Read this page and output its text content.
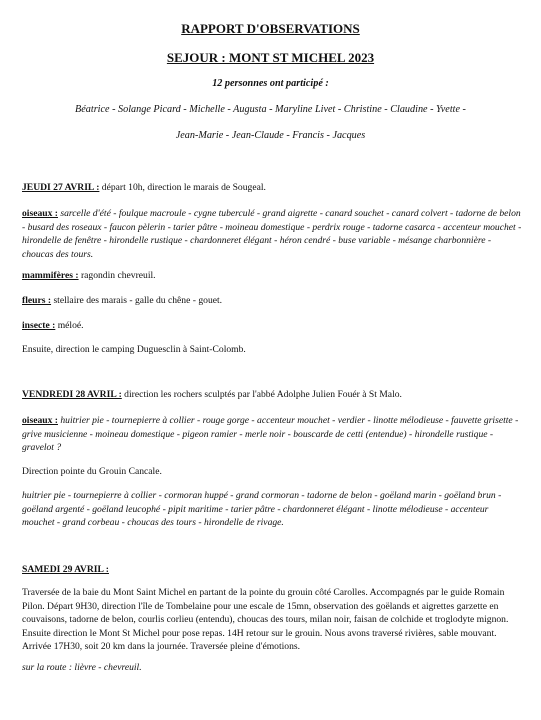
RAPPORT D'OBSERVATIONS
SEJOUR : MONT ST MICHEL 2023
12 personnes ont participé :
Béatrice - Solange Picard - Michelle - Augusta - Maryline Livet - Christine - Claudine - Yvette -
Jean-Marie - Jean-Claude - Francis - Jacques
JEUDI 27 AVRIL : départ 10h, direction le marais de Sougeal.
oiseaux : sarcelle d'été - foulque macroule - cygne tuberculé - grand aigrette - canard souchet - canard colvert - tadorne de belon - busard des roseaux - faucon pèlerin - tarier pâtre - moineau domestique - perdrix rouge - tadorne casarca - accenteur mouchet - hirondelle de fenêtre - hirondelle rustique - chardonneret élégant - héron cendré - buse variable - mésange charbonnière - choucas des tours.
mammifères : ragondin chevreuil.
fleurs : stellaire des marais - galle du chêne - gouet.
insecte : méloé.
Ensuite, direction le camping Duguesclin à Saint-Colomb.
VENDREDI 28 AVRIL : direction les rochers sculptés par l'abbé Adolphe Julien Fouér à St Malo.
oiseaux : huitrier pie - tournepierre à collier - rouge gorge - accenteur mouchet - verdier - linotte mélodieuse - fauvette grisette - grive musicienne - moineau domestique - pigeon ramier - merle noir - bouscarde de cetti (entendue) - hirondelle rustique - gravelot ?
Direction pointe du Grouin Cancale.
huitrier pie - tournepierre à collier - cormoran huppé - grand cormoran - tadorne de belon - goëland marin - goëland brun - goëland argenté - goëland leucophé - pipit maritime - tarier pâtre - chardonneret élégant - linotte mélodieuse - accenteur mouchet - grand corbeau - choucas des tours - hirondelle de rivage.
SAMEDI 29 AVRIL :
Traversée de la baie du Mont Saint Michel en partant de la pointe du grouin côté Carolles. Accompagnés par le guide Romain Pilon. Départ 9H30, direction l'île de Tombelaine pour une escale de 15mn, observation des goëlands et aigrettes garzette en couvaisons, tadorne de belon, courlis corlieu (entendu), choucas des tours, milan noir, faisan de colchide et troglodyte mignon. Ensuite direction le Mont St Michel pour pose repas. 14H retour sur le grouin. Nous avons traversé rivières, sable mouvant. Arrivée 17H30, soit 20 km dans la journée. Traversée pleine d'émotions.
sur la route : lièvre - chevreuil.
